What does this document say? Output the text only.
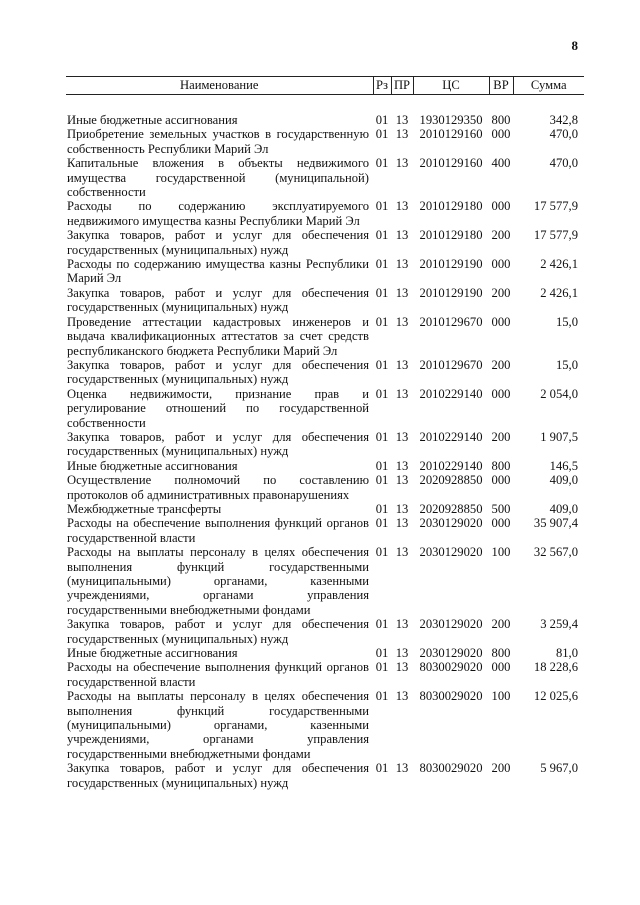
8
Наименование	Рз	ПР	ЦС	ВР	Сумма
Иные бюджетные ассигнования	01	13	1930129350	800	342,8
Приобретение земельных участков в государственную собственность Республики Марий Эл	01	13	2010129160	000	470,0
Капитальные вложения в объекты недвижимого имущества государственной (муниципальной) собственности	01	13	2010129160	400	470,0
Расходы по содержанию эксплуатируемого недвижимого имущества казны Республики Марий Эл	01	13	2010129180	000	17 577,9
Закупка товаров, работ и услуг для обеспечения государственных (муниципальных) нужд	01	13	2010129180	200	17 577,9
Расходы по содержанию имущества казны Республики Марий Эл	01	13	2010129190	000	2 426,1
Закупка товаров, работ и услуг для обеспечения государственных (муниципальных) нужд	01	13	2010129190	200	2 426,1
Проведение аттестации кадастровых инженеров и выдача квалификационных аттестатов за счет средств республиканского бюджета Республики Марий Эл	01	13	2010129670	000	15,0
Закупка товаров, работ и услуг для обеспечения государственных (муниципальных) нужд	01	13	2010129670	200	15,0
Оценка недвижимости, признание прав и регулирование отношений по государственной собственности	01	13	2010229140	000	2 054,0
Закупка товаров, работ и услуг для обеспечения государственных (муниципальных) нужд	01	13	2010229140	200	1 907,5
Иные бюджетные ассигнования	01	13	2010229140	800	146,5
Осуществление полномочий по составлению протоколов об административных правонарушениях	01	13	2020928850	000	409,0
Межбюджетные трансферты	01	13	2020928850	500	409,0
Расходы на обеспечение выполнения функций органов государственной власти	01	13	2030129020	000	35 907,4
Расходы на выплаты персоналу в целях обеспечения выполнения функций государственными (муниципальными) органами, казенными учреждениями, органами управления государственными внебюджетными фондами	01	13	2030129020	100	32 567,0
Закупка товаров, работ и услуг для обеспечения государственных (муниципальных) нужд	01	13	2030129020	200	3 259,4
Иные бюджетные ассигнования	01	13	2030129020	800	81,0
Расходы на обеспечение выполнения функций органов государственной власти	01	13	8030029020	000	18 228,6
Расходы на выплаты персоналу в целях обеспечения выполнения функций государственными (муниципальными) органами, казенными учреждениями, органами управления государственными внебюджетными фондами	01	13	8030029020	100	12 025,6
Закупка товаров, работ и услуг для обеспечения государственных (муниципальных) нужд	01	13	8030029020	200	5 967,0
